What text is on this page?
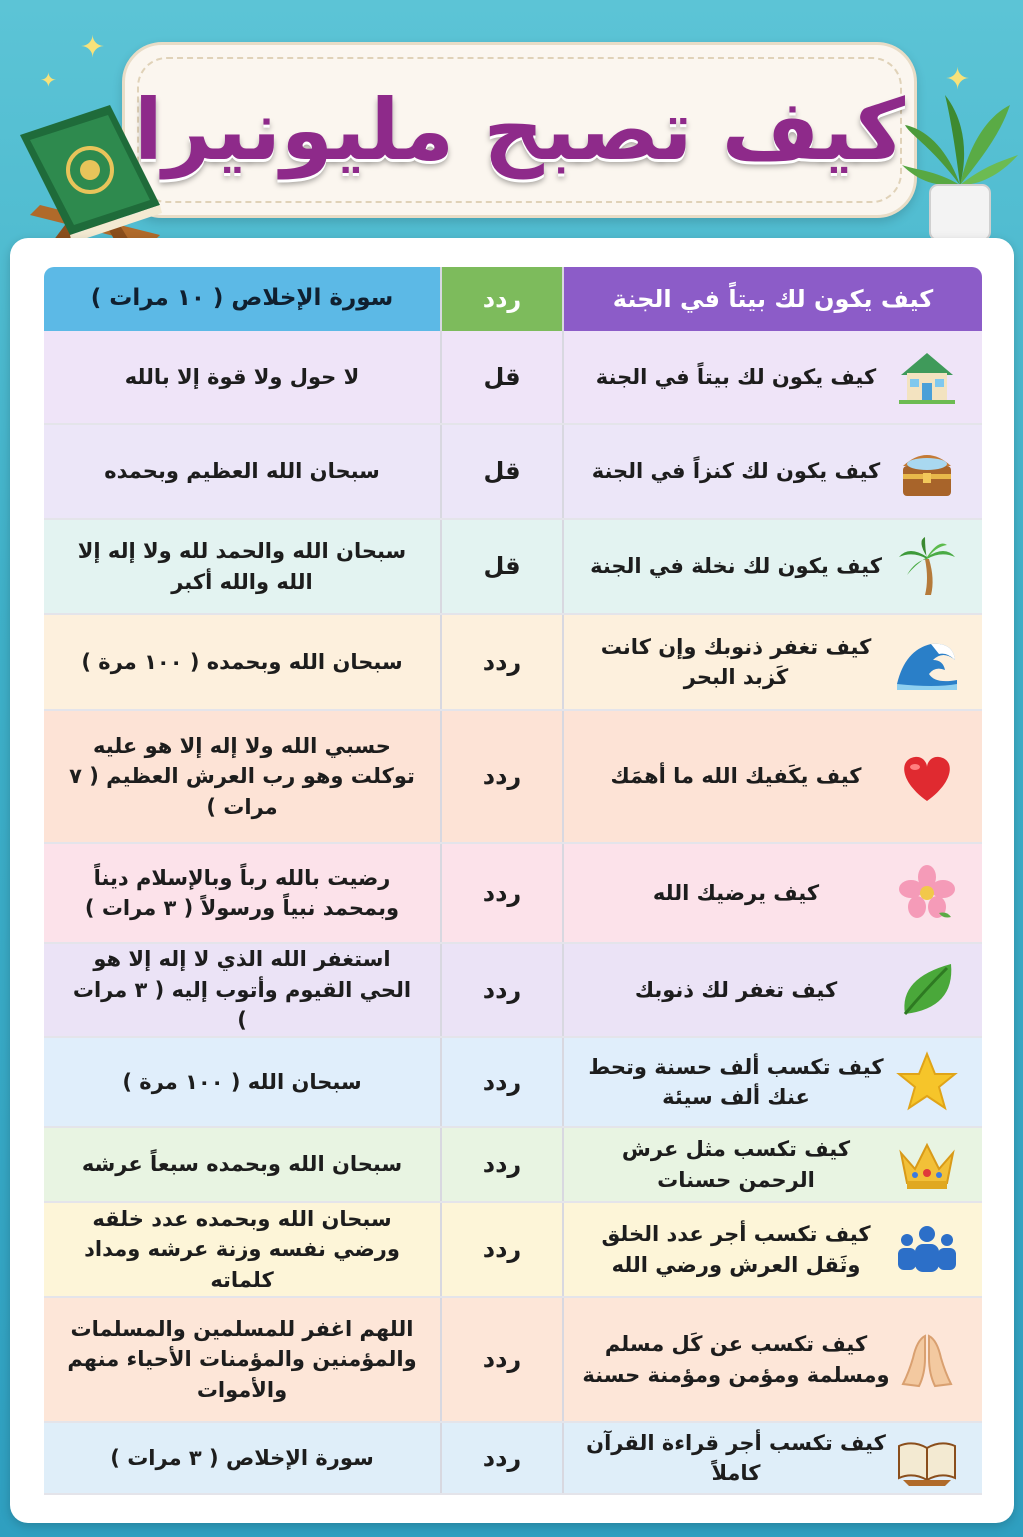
✦
✦	✦
كيف تصبح مليونيرا
كيف يكون لك بيتاً في الجنة
ردد
سورة الإخلاص ( ١٠ مرات )
كيف يكون لك بيتاً في الجنة
قل
لا حول ولا قوة إلا بالله
كيف يكون لك كنزاً في الجنة
قل
سبحان الله العظيم وبحمده
كيف يكون لك نخلة في الجنة
قل
سبحان الله والحمد لله ولا إله إلا الله والله أكبر
كيف تغفر ذنوبك وإن كانت كَزبد البحر
ردد
سبحان الله وبحمده ( ١٠٠ مرة )
كيف يكَفيك الله ما أهمَك
ردد
حسبي الله ولا إله إلا هو عليه توكلت وهو رب العرش العظيم ( ٧ مرات )
كيف يرضيك الله
ردد
رضيت بالله رباً وبالإسلام ديناً وبمحمد نبياً ورسولاً ( ٣ مرات )
كيف تغفر لك ذنوبك
ردد
استغفر الله الذي لا إله إلا هو الحي القيوم وأتوب إليه ( ٣ مرات )
كيف تكسب ألف حسنة وتحط عنك ألف سيئة
ردد
سبحان الله ( ١٠٠ مرة )
كيف تكسب مثل عرش الرحمن حسنات
ردد
سبحان الله وبحمده سبعاً عرشه
كيف تكسب أجر عدد الخلق وثَقل العرش ورضي الله
ردد
سبحان الله وبحمده عدد خلقه ورضي نفسه وزنة عرشه ومداد كلماته
كيف تكسب عن كَل مسلم ومسلمة ومؤمن ومؤمنة حسنة
ردد
اللهم اغفر للمسلمين والمسلمات والمؤمنين والمؤمنات الأحياء منهم والأموات
كيف تكسب أجر قراءة القرآن كاملاً
ردد
سورة الإخلاص ( ٣ مرات )
